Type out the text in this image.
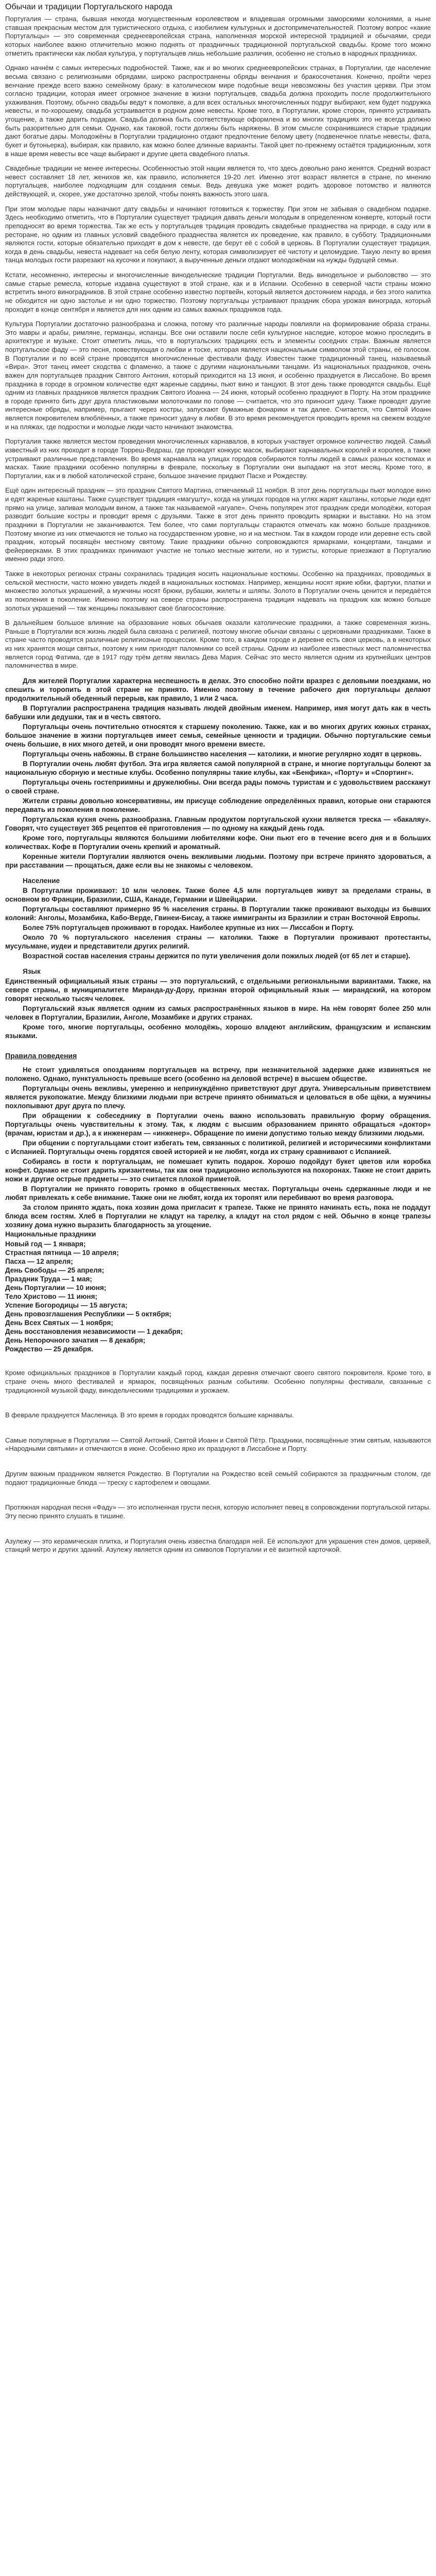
Обычаи и традиции Португальского народа

Португалия — страна, бывшая некогда могущественным королевством и владевшая огромными заморскими колониями, а ныне ставшая прекрасным местом для туристического отдыха, с изобилием культурных и достопримечательностей. Поэтому вопрос «какие Португальцы» — это современная среднеевропейская страна, наполненная морской интересной традицией и обычаями, среди которых наиболее важно отличительно можно поднять от праздничных традиционной португальской свадьбы. Кроме того можно отметить практически как любая культура, у португальцев лишь небольшие различия, особенно не столько в народных праздниках.

Однако начнём с самых интересных подробностей. Также, как и во многих среднеевропейских странах, в Португалии, где население весьма связано с религиозными обрядами, широко распространены обряды венчания и бракосочетания. Конечно, пройти через венчание прежде всего важно семейному браку: в католическом мире подобные вещи невозможны без участия церкви. При этом согласно традиции, которая имеет огромное значение в жизни португальцев, свадьба должна проходить после продолжительного ухаживания. Поэтому, обычно свадьбы ведут к помолвке, а для всех остальных многочисленных подруг выбирают, кем будет подружка невесты, и по-хорошему, свадьба устраивается в родном доме невесты. Кроме того, в Португалии, кроме сторон, принято устраивать угощение, а также дарить подарки. Свадьба должна быть соответствующе оформлена и во многих традициях это не всегда должно быть разорительно для семьи. Однако, как таковой, гости должны быть наряжены. В этом смысле сохранившиеся старые традиции дают богатые дары. Молодожёны в Португалии традиционно отдают предпочтение белому цвету (подвенечное платье невесты, фата, букет и бутоньерка), выбирая, как правило, как можно более длинные варианты. Такой цвет по-прежнему остаётся традиционным, хотя в наше время невесты все чаще выбирают и другие цвета свадебного платья.

Свадебные традиции не менее интересны. Особенностью этой нации является то, что здесь довольно рано женятся. Средний возраст невест составляет 18 лет, женихов же, как правило, исполняется 19-20 лет. Именно этот возраст является в стране, по мнению португальцев, наиболее подходящим для создания семьи. Ведь девушка уже может родить здоровое потомство и являются действующей, и, скорее, уже достаточно зрелой, чтобы понять важность этого шага.

При этом молодые пары назначают дату свадьбы и начинают готовиться к торжеству. При этом не забывая о свадебном подарке. Здесь необходимо отметить, что в Португалии существует традиция давать деньги молодым в определенном конверте, который гости преподносят во время торжества. Так же есть у португальцев традиция проводить свадебные празднества на природе, в саду или в ресторане, но одним из главных условий свадебного празднества является их проведение, как правило, в субботу. Традиционными являются гости, которые обязательно приходят в дом к невесте, где берут её с собой в церковь. В Португалии существует традиция, когда в день свадьбы, невеста надевает на себя белую ленту, которая символизирует её чистоту и целомудрие. Такую ленту во время танца молодых гости разрезают на кусочки и покупают, а вырученные деньги отдают молодожёнам на нужды будущей семьи.

Кстати, несомненно, интересны и многочисленные винодельческие традиции Португалии. Ведь винодельное и рыболовство — это самые старые ремесла, которые издавна существуют в этой стране, как и в Испании. Особенно в северной части страны можно встретить много виноградников. В этой стране особенно известно портвейн, который является достоянием народа, и без этого напитка не обходится ни одно застолье и ни одно торжество. Поэтому португальцы устраивают праздник сбора урожая винограда, который проходит в конце сентября и является для них одним из самых важных праздников года.

Культура Португалии достаточно разнообразна и сложна, потому что различные народы повлияли на формирование образа страны. Это мавры и арабы, римляне, германцы, испанцы. Все они оставили после себя культурное наследие, которое можно проследить в архитектуре и музыке. Стоит отметить лишь, что в португальских традициях есть и элементы соседних стран. Важным является португальское фаду — это песня, повествующая о любви и тоске, которая является национальным символом этой страны, её голосом. В Португалии и по всей стране проводятся многочисленные фестивали фаду. Известен также традиционный танец, называемый «Вира». Этот танец имеет сходства с фламенко, а также с другими национальными танцами. Из национальных праздников, очень важен для португальцев праздник Святого Антония, который приходится на 13 июня, и особенно празднуется в Лиссабоне. Во время праздника в городе в огромном количестве едят жареные сардины, пьют вино и танцуют. В этот день также проводятся свадьбы. Ещё одним из главных праздников является праздник Святого Иоанна — 24 июня, который особенно празднуют в Порту. На этом празднике в городе принято бить друг друга пластиковыми молоточками по голове — считается, что это приносит удачу. Также проводят другие интересные обряды, например, прыгают через костры, запускают бумажные фонарики и так далее. Считается, что Святой Иоанн является покровителем влюблённых, а также приносит удачу в любви. В это время рекомендуется проводить время на свежем воздухе и на пляжах, где подростки и молодые люди часто начинают знакомства.

Португалия также является местом проведения многочисленных карнавалов, в которых участвует огромное количество людей. Самый известный из них проходит в городе Торреш-Ведраш, где проводят конкурс масок, выбирают карнавальных королей и королев, а также устраивают различные представления. Во время карнавала на улицах городов собираются толпы людей в самых разных костюмах и масках. Такие праздники особенно популярны в феврале, поскольку в Португалии они выпадают на этот месяц. Кроме того, в Португалии, как и в любой католической стране, большое значение придают Пасхе и Рождеству.

Ещё один интересный праздник — это праздник Святого Мартина, отмечаемый 11 ноября. В этот день португальцы пьют молодое вино и едят жареные каштаны. Также существует традиция «магушту», когда на улицах городов на углях жарят каштаны, которые люди едят прямо на улице, запивая молодым вином, а также так называемой «агуапе». Очень популярен этот праздник среди молодёжи, которая разводит большие костры и проводит время с друзьями. Также в этот день принято проводить ярмарки и выставки. Но на этом праздники в Португалии не заканчиваются. Тем более, что сами португальцы стараются отмечать как можно больше праздников. Поэтому многие из них отмечаются не только на государственном уровне, но и на местном. Так в каждом городе или деревне есть свой праздник, который посвящён местному святому. Такие праздники обычно сопровождаются ярмарками, концертами, танцами и фейерверками. В этих праздниках принимают участие не только местные жители, но и туристы, которые приезжают в Португалию именно ради этого.

Также в некоторых регионах страны сохранилась традиция носить национальные костюмы. Особенно на праздниках, проводимых в сельской местности, часто можно увидеть людей в национальных костюмах. Например, женщины носят яркие юбки, фартуки, платки и множество золотых украшений, а мужчины носят брюки, рубашки, жилеты и шляпы. Золото в Португалии очень ценится и передаётся из поколения в поколение. Именно поэтому на севере страны распространена традиция надевать на праздник как можно больше золотых украшений — так женщины показывают своё благосостояние.

В дальнейшем большое влияние на образование новых обычаев оказали католические праздники, а также современная жизнь. Раньше в Португалии вся жизнь людей была связана с религией, поэтому многие обычаи связаны с церковными праздниками. Также в стране часто проводятся различные религиозные процессии. Кроме того, в каждом городе и деревне есть своя церковь, а в некоторых из них хранятся мощи святых, поэтому к ним приходят паломники со всей страны. Одним из наиболее известных мест паломничества является город Фатима, где в 1917 году трём детям явилась Дева Мария. Сейчас это место является одним из крупнейших центров паломничества в мире.

Для жителей Португалии характерна неспешность в делах. Это способно пойти вразрез с деловыми поездками, но спешить и торопить в этой стране не принято. Именно поэтому в течение рабочего дня португальцы делают продолжительный обеденный перерыв, как правило, 1 или 2 часа.

В Португалии распространена традиция называть людей двойным именем. Например, имя могут дать как в честь бабушки или дедушки, так и в честь святого.

Португальцы очень почтительно относятся к старшему поколению. Также, как и во многих других южных странах, большое значение в жизни португальцев имеет семья, семейные ценности и традиции. Обычно португальские семьи очень большие, в них много детей, и они проводят много времени вместе.

Португальцы очень набожны. В стране большинство населения — католики, и многие регулярно ходят в церковь.

В Португалии очень любят футбол. Эта игра является самой популярной в стране, и многие португальцы болеют за национальную сборную и местные клубы. Особенно популярны такие клубы, как «Бенфика», «Порту» и «Спортинг».

Португальцы очень гостеприимны и дружелюбны. Они всегда рады помочь туристам и с удовольствием расскажут о своей стране.

Жители страны довольно консервативны, им присуще соблюдение определённых правил, которые они стараются передавать из поколения в поколение.

Португальская кухня очень разнообразна. Главным продуктом португальской кухни является треска — «бакаляу». Говорят, что существует 365 рецептов её приготовления — по одному на каждый день года.

Кроме того, португальцы являются большими любителями кофе. Они пьют его в течение всего дня и в больших количествах. Кофе в Португалии очень крепкий и ароматный.

Коренные жители Португалии являются очень вежливыми людьми. Поэтому при встрече принято здороваться, а при расставании — прощаться, даже если вы не знакомы с человеком.

Население

В Португалии проживают: 10 млн человек. Также более 4,5 млн португальцев живут за пределами страны, в основном во Франции, Бразилии, США, Канаде, Германии и Швейцарии.

Португальцы составляют примерно 95 % населения страны. В Португалии также проживают выходцы из бывших колоний: Анголы, Мозамбика, Кабо-Верде, Гвинеи-Бисау, а также иммигранты из Бразилии и стран Восточной Европы.

Более 75% португальцев проживают в городах. Наиболее крупные из них — Лиссабон и Порту.

Около 70 % португальского населения страны — католики. Также в Португалии проживают протестанты, мусульмане, иудеи и представители других религий.

Возрастной состав населения страны держится по пути увеличения доли пожилых людей (от 65 лет и старше).

Язык

Единственный официальный язык страны — это португальский, с отдельными региональными вариантами. Также, на севере страны, в муниципалитете Миранда-ду-Дору, признан второй официальный язык — мирандский, на котором говорят несколько тысяч человек.

Португальский язык является одним из самых распространённых языков в мире. На нём говорят более 250 млн человек в Португалии, Бразилии, Анголе, Мозамбике и других странах.

Кроме того, многие португальцы, особенно молодёжь, хорошо владеют английским, французским и испанским языками.

Правила поведения

Не стоит удивляться опозданиям португальцев на встречу, при незначительной задержке даже извиняться не положено. Однако, пунктуальность превыше всего (особенно на деловой встрече) в высшем обществе.

Португальцы очень вежливы, умеренно и непринуждённо приветствуют друг друга. Универсальным приветствием является рукопожатие. Между близкими людьми при встрече принято обниматься и целоваться в обе щёки, а мужчины похлопывают друг друга по плечу.

При обращении к собеседнику в Португалии очень важно использовать правильную форму обращения. Португальцы очень чувствительны к этому. Так, к людям с высшим образованием принято обращаться «доктор» (врачам, юристам и др.), а к инженерам — «инженер». Обращение по имени допустимо только между близкими людьми.

При общении с португальцами стоит избегать тем, связанных с политикой, религией и историческими конфликтами с Испанией. Португальцы очень гордятся своей историей и не любят, когда их страну сравнивают с Испанией.

Собираясь в гости к португальцам, не помешает купить подарок. Хорошо подойдут букет цветов или коробка конфет. Однако не стоит дарить хризантемы, так как они традиционно используются на похоронах. Также не стоит дарить ножи и другие острые предметы — это считается плохой приметой.

В Португалии не принято говорить громко в общественных местах. Португальцы очень сдержанные люди и не любят привлекать к себе внимание. Также они не любят, когда их торопят или перебивают во время разговора.

За столом принято ждать, пока хозяин дома пригласит к трапезе. Также не принято начинать есть, пока не подадут блюда всем гостям. Хлеб в Португалии не кладут на тарелку, а кладут на стол рядом с ней. Обычно в конце трапезы хозяину дома нужно выразить благодарность за угощение.

Национальные праздники
Новый год — 1 января;
Страстная пятница — 10 апреля;
Пасха — 12 апреля;
День Свободы — 25 апреля;
Праздник Труда — 1 мая;
День Португалии — 10 июня;
Тело Христово — 11 июня;
Успение Богородицы — 15 августа;
День провозглашения Республики — 5 октября;
День Всех Святых — 1 ноября;
День восстановления независимости — 1 декабря;
День Непорочного зачатия — 8 декабря;
Рождество — 25 декабря.

Кроме официальных праздников в Португалии каждый город, каждая деревня отмечают своего святого покровителя. Кроме того, в стране очень много фестивалей и ярмарок, посвящённых разным событиям. Особенно популярны фестивали, связанные с традиционной музыкой фаду, винодельческими традициями и урожаем.

В феврале празднуется Масленица. В это время в городах проводятся большие карнавалы.

Самые популярные в Португалии — Святой Антоний, Святой Иоанн и Святой Пётр. Праздники, посвящённые этим святым, называются «Народными святыми» и отмечаются в июне. Особенно ярко их празднуют в Лиссабоне и Порту.

Другим важным праздником является Рождество. В Португалии на Рождество всей семьёй собираются за праздничным столом, где подают традиционные блюда — треску с картофелем и овощами.

Протяжная народная песня «Фаду» — это исполненная грусти песня, которую исполняет певец в сопровождении португальской гитары. Эту песню принято слушать в тишине.

Азулежу — это керамическая плитка, и Португалия очень известна благодаря ней. Её используют для украшения стен домов, церквей, станций метро и других зданий. Азулежу является одним из символов Португалии и её визитной карточкой.
